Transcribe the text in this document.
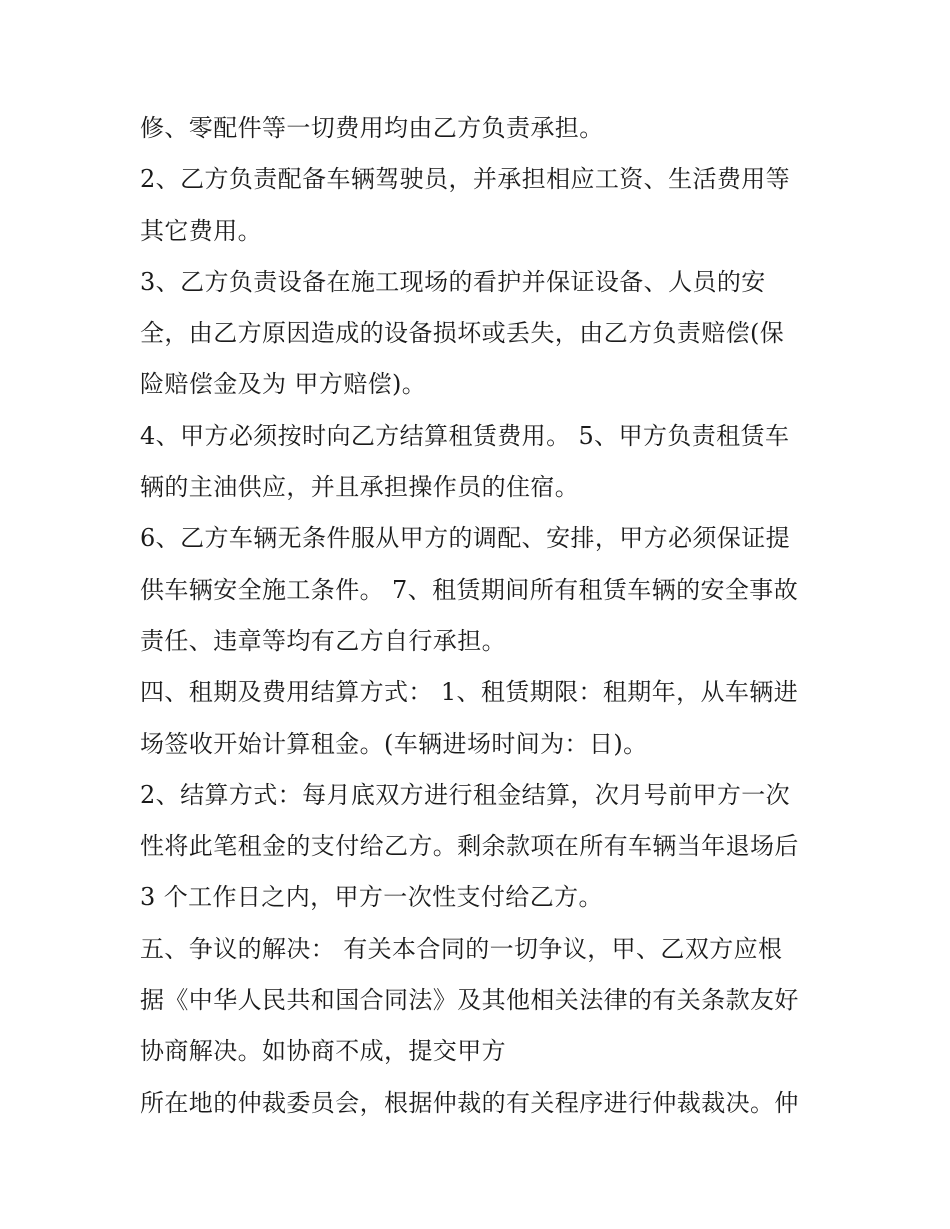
修、零配件等一切费用均由乙方负责承担。
2、乙方负责配备车辆驾驶员，并承担相应工资、生活费用等
其它费用。
3、乙方负责设备在施工现场的看护并保证设备、人员的安
全，由乙方原因造成的设备损坏或丢失，由乙方负责赔偿(保
险赔偿金及为 甲方赔偿)。
4、甲方必须按时向乙方结算租赁费用。 5、甲方负责租赁车
辆的主油供应，并且承担操作员的住宿。
6、乙方车辆无条件服从甲方的调配、安排，甲方必须保证提
供车辆安全施工条件。 7、租赁期间所有租赁车辆的安全事故
责任、违章等均有乙方自行承担。
四、租期及费用结算方式： 1、租赁期限：租期年，从车辆进
场签收开始计算租金。(车辆进场时间为：日)。
2、结算方式：每月底双方进行租金结算，次月号前甲方一次
性将此笔租金的支付给乙方。剩余款项在所有车辆当年退场后
3 个工作日之内，甲方一次性支付给乙方。
五、争议的解决： 有关本合同的一切争议，甲、乙双方应根
据《中华人民共和国合同法》及其他相关法律的有关条款友好
协商解决。如协商不成，提交甲方
所在地的仲裁委员会，根据仲裁的有关程序进行仲裁裁决。仲
